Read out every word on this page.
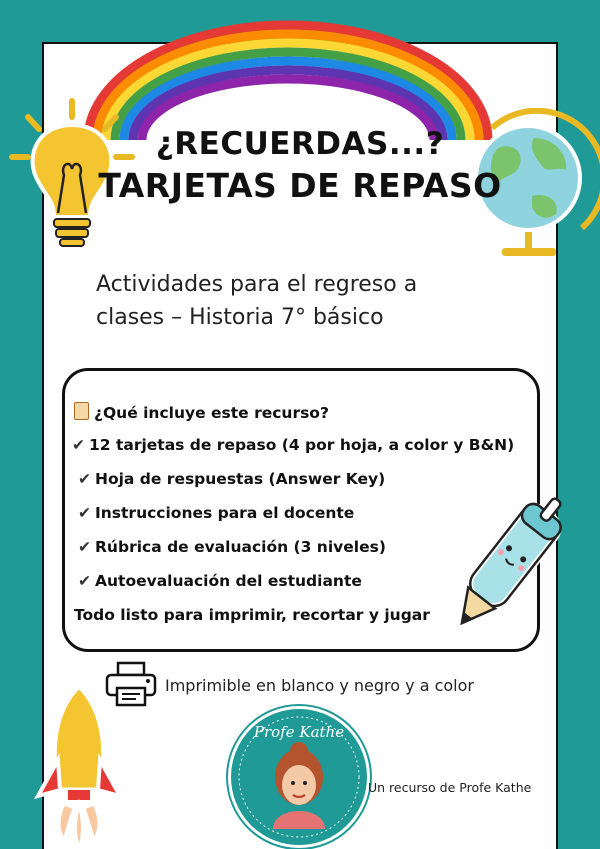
¿RECUERDAS...?
TARJETAS DE REPASO
Actividades para el regreso a
clases – Historia 7° básico
¿Qué incluye este recurso?
✔ 12 tarjetas de repaso (4 por hoja, a color y B&N)
✔ Hoja de respuestas (Answer Key)
✔ Instrucciones para el docente
✔ Rúbrica de evaluación (3 niveles)
✔ Autoevaluación del estudiante
Todo listo para imprimir, recortar y jugar
Imprimible en blanco y negro y a color
Profe Kathe
Un recurso de Profe Kathe
